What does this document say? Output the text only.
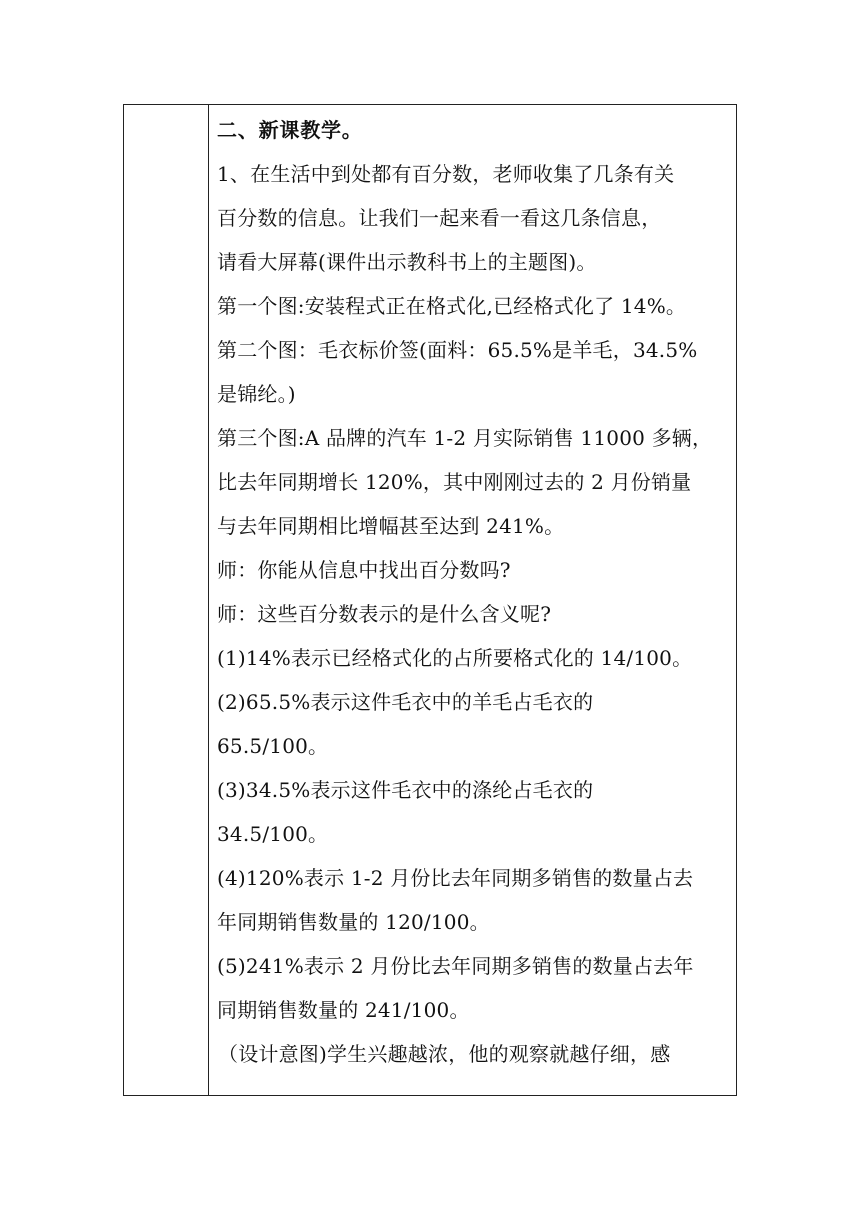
二、新课教学。
1、在生活中到处都有百分数，老师收集了几条有关
百分数的信息。让我们一起来看一看这几条信息，
请看大屏幕(课件出示教科书上的主题图)。
第一个图:安装程式正在格式化,已经格式化了 14%。
第二个图：毛衣标价签(面料：65.5%是羊毛，34.5%
是锦纶。)
第三个图:A 品牌的汽车 1-2 月实际销售 11000 多辆，
比去年同期增长 120%，其中刚刚过去的 2 月份销量
与去年同期相比增幅甚至达到 241%。
师：你能从信息中找出百分数吗?
师：这些百分数表示的是什么含义呢?
(1)14%表示已经格式化的占所要格式化的 14/100。
(2)65.5%表示这件毛衣中的羊毛占毛衣的
65.5/100。
(3)34.5%表示这件毛衣中的涤纶占毛衣的
34.5/100。
(4)120%表示 1-2 月份比去年同期多销售的数量占去
年同期销售数量的 120/100。
(5)241%表示 2 月份比去年同期多销售的数量占去年
同期销售数量的 241/100。
（设计意图)学生兴趣越浓，他的观察就越仔细，感
